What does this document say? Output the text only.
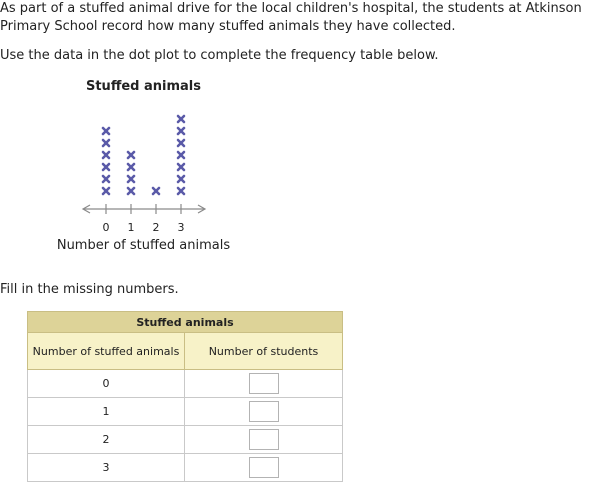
As part of a stuffed animal drive for the local children's hospital, the students at Atkinson Primary School record how many stuffed animals they have collected.

Use the data in the dot plot to complete the frequency table below.

Stuffed animals
0 1 2 3
Number of stuffed animals

Fill in the missing numbers.

Stuffed animals	
Number of stuffed animals	Number of students
0	
1	
2	
3	
